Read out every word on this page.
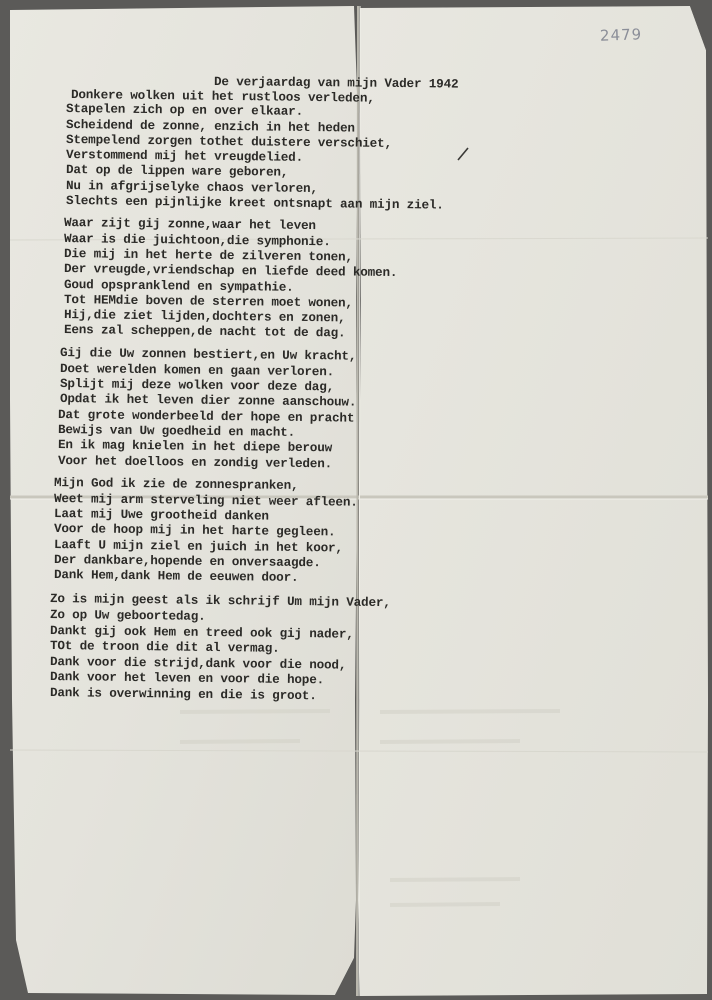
2479
De verjaardag van mijn Vader 1942
Donkere wolken uit het rustloos verleden,
Stapelen zich op en over elkaar.
Scheidend de zonne, enzich in het heden
Stempelend zorgen tothet duistere verschiet,
Verstommend mij het vreugdelied.
Dat op de lippen ware geboren,
Nu in afgrijselyke chaos verloren,
Slechts een pijnlijke kreet ontsnapt aan mijn ziel.
Waar zijt gij zonne,waar het leven
Waar is die juichtoon,die symphonie.
Die mij in het herte de zilveren tonen,
Der vreugde,vriendschap en liefde deed komen.
Goud opspranklend en sympathie.
Tot HEMdie boven de sterren moet wonen,
Hij,die ziet lijden,dochters en zonen,
Eens zal scheppen,de nacht tot de dag.
Gij die Uw zonnen bestiert,en Uw kracht,
Doet werelden komen en gaan verloren.
Splijt mij deze wolken voor deze dag,
Opdat ik het leven dier zonne aanschouw.
Dat grote wonderbeeld der hope en pracht
Bewijs van Uw goedheid en macht.
En ik mag knielen in het diepe berouw
Voor het doelloos en zondig verleden.
Mijn God ik zie de zonnespranken,
Weet mij arm sterveling niet weer afleen.
Laat mij Uwe grootheid danken
Voor de hoop mij in het harte gegleen.
Laaft U mijn ziel en juich in het koor,
Der dankbare,hopende en onversaagde.
Dank Hem,dank Hem de eeuwen door.
Zo is mijn geest als ik schrijf Um mijn Vader,
Zo op Uw geboortedag.
Dankt gij ook Hem en treed ook gij nader,
TOt de troon die dit al vermag.
Dank voor die strijd,dank voor die nood,
Dank voor het leven en voor die hope.
Dank is overwinning en die is groot.
